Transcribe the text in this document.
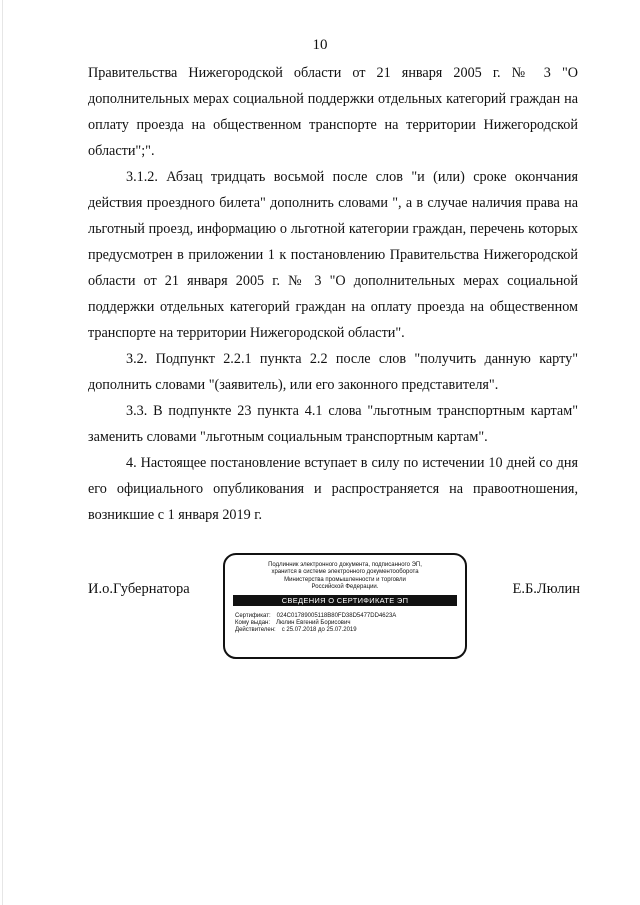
10

Правительства Нижегородской области от 21 января 2005 г. № 3 "О дополнительных мерах социальной поддержки отдельных категорий граждан на оплату проезда на общественном транспорте на территории Нижегородской области";".

3.1.2. Абзац тридцать восьмой после слов "и (или) сроке окончания действия проездного билета" дополнить словами ", а в случае наличия права на льготный проезд, информацию о льготной категории граждан, перечень которых предусмотрен в приложении 1 к постановлению Правительства Нижегородской области от 21 января 2005 г. № 3 "О дополнительных мерах социальной поддержки отдельных категорий граждан на оплату проезда на общественном транспорте на территории Нижегородской области".

3.2. Подпункт 2.2.1 пункта 2.2 после слов "получить данную карту" дополнить словами "(заявитель), или его законного представителя".

3.3. В подпункте 23 пункта 4.1 слова "льготным транспортным картам" заменить словами "льготным социальным транспортным картам".

4. Настоящее постановление вступает в силу по истечении 10 дней со дня его официального опубликования и распространяется на правоотношения, возникшие с 1 января 2019 г.

И.о.Губернатора	Е.Б.Люлин
Подлинник электронного документа, подписанного ЭП,
хранится в системе электронного документооборота
Министерства промышленности и торговли
Российской Федерации.
СВЕДЕНИЯ О СЕРТИФИКАТЕ ЭП
Сертификат: 024C01789005118B80FD38D5477DD4623A
Кому выдан: Люлин Евгений Борисович
Действителен: с 25.07.2018 до 25.07.2019
